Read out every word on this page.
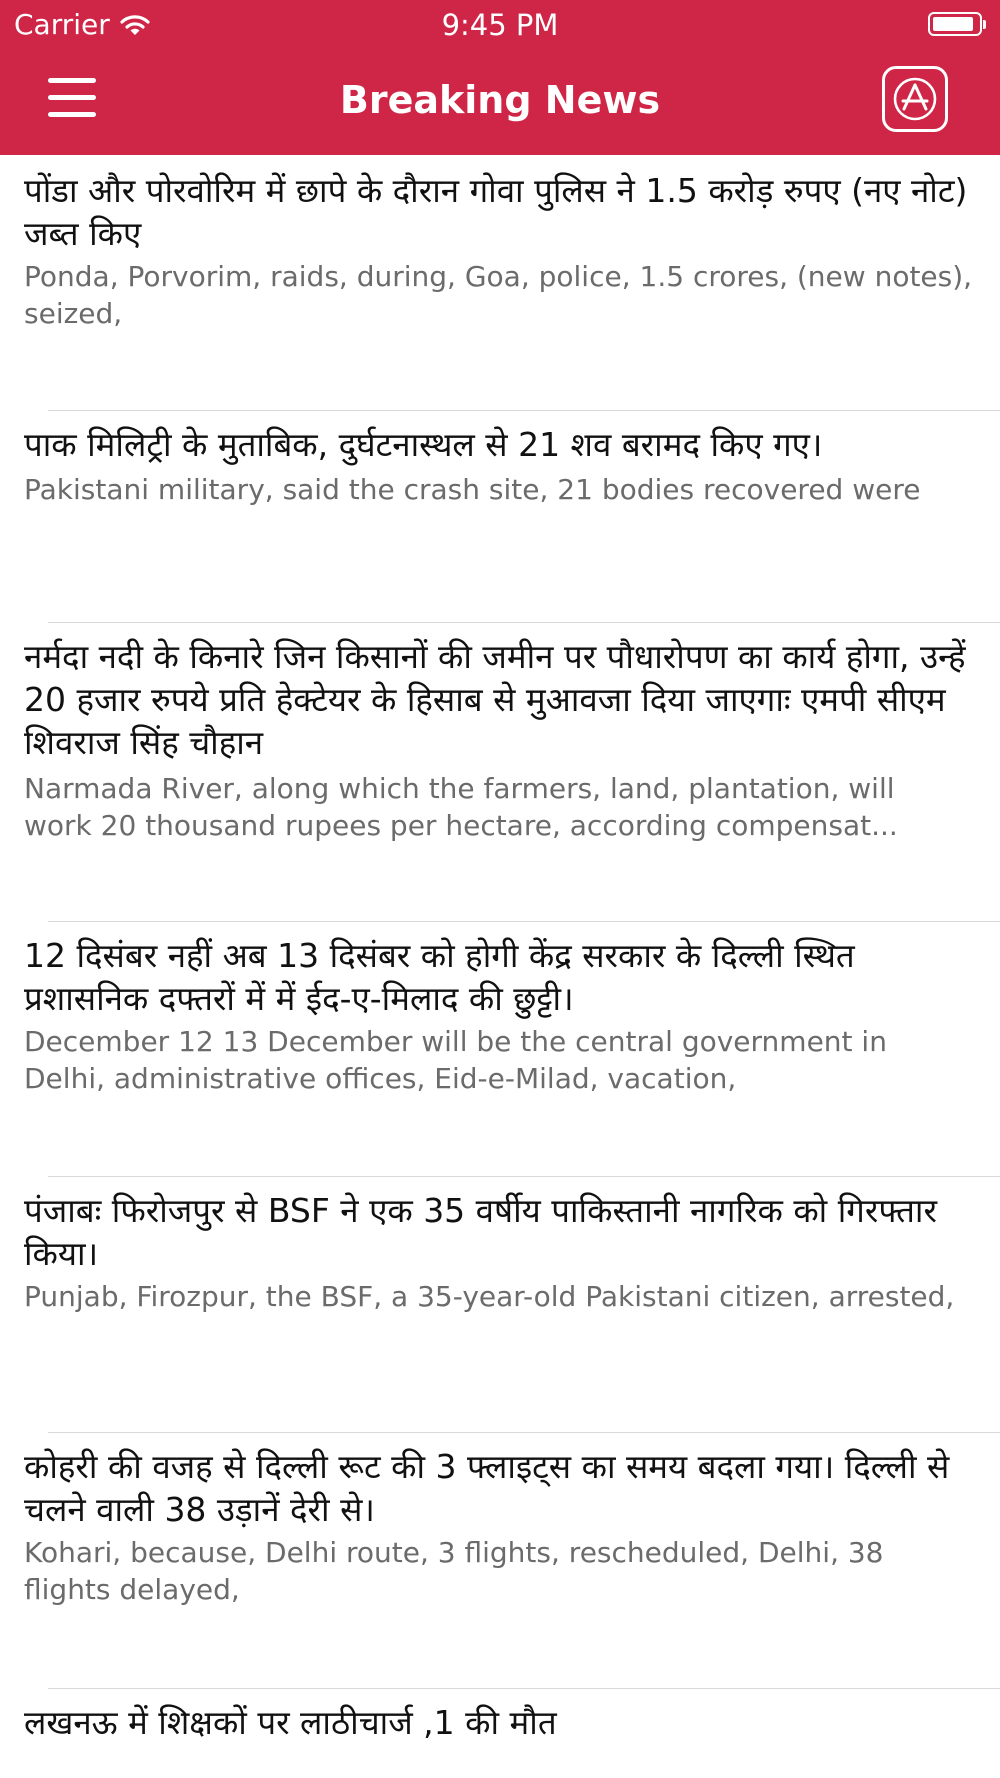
Carrier	9:45 PM
Breaking News
पोंडा और पोरवोरिम में छापे के दौरान गोवा पुलिस ने 1.5 करोड़ रुपए (नए नोट) जब्त किए
Ponda, Porvorim, raids, during, Goa, police, 1.5 crores, (new notes), seized,
पाक मिलिट्री के मुताबिक, दुर्घटनास्थल से 21 शव बरामद किए गए।
Pakistani military, said the crash site, 21 bodies recovered were
नर्मदा नदी के किनारे जिन किसानों की जमीन पर पौधारोपण का कार्य होगा, उन्हें 20 हजार रुपये प्रति हेक्टेयर के हिसाब से मुआवजा दिया जाएगाः एमपी सीएम शिवराज सिंह चौहान
Narmada River, along which the farmers, land, plantation, will
work 20 thousand rupees per hectare, according compensat...
12 दिसंबर नहीं अब 13 दिसंबर को होगी केंद्र सरकार के दिल्ली स्थित प्रशासनिक दफ्तरों में में ईद-ए-मिलाद की छुट्टी।
December 12 13 December will be the central government in Delhi, administrative offices, Eid-e-Milad, vacation,
पंजाबः फिरोजपुर से BSF ने एक 35 वर्षीय पाकिस्तानी नागरिक को गिरफ्तार किया।
Punjab, Firozpur, the BSF, a 35-year-old Pakistani citizen, arrested,
कोहरी की वजह से दिल्ली रूट की 3 फ्लाइट्स का समय बदला गया। दिल्ली से चलने वाली 38 उड़ानें देरी से।
Kohari, because, Delhi route, 3 flights, rescheduled, Delhi, 38 flights delayed,
लखनऊ में शिक्षकों पर लाठीचार्ज ,1 की मौत
